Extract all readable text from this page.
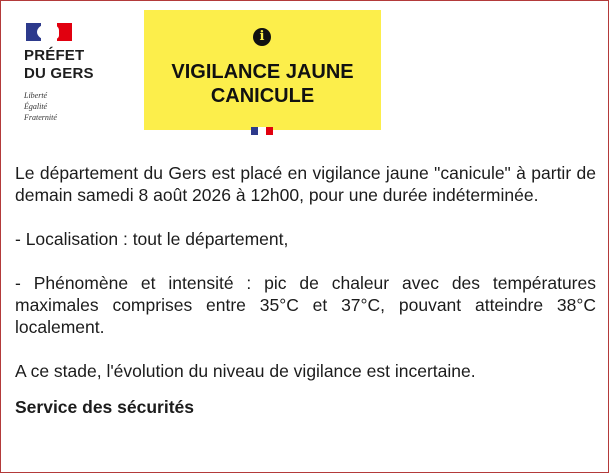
PRÉFET
DU GERS
Liberté
Égalité
Fraternité
i
VIGILANCE JAUNE
CANICULE

Le département du Gers est placé en vigilance jaune "canicule" à partir de demain samedi 8 août 2026 à 12h00, pour une durée indéterminée.

- Localisation : tout le département,

- Phénomène et intensité : pic de chaleur avec des températures maximales comprises entre 35°C et 37°C, pouvant atteindre 38°C localement.

A ce stade, l'évolution du niveau de vigilance est incertaine.

Service des sécurités
